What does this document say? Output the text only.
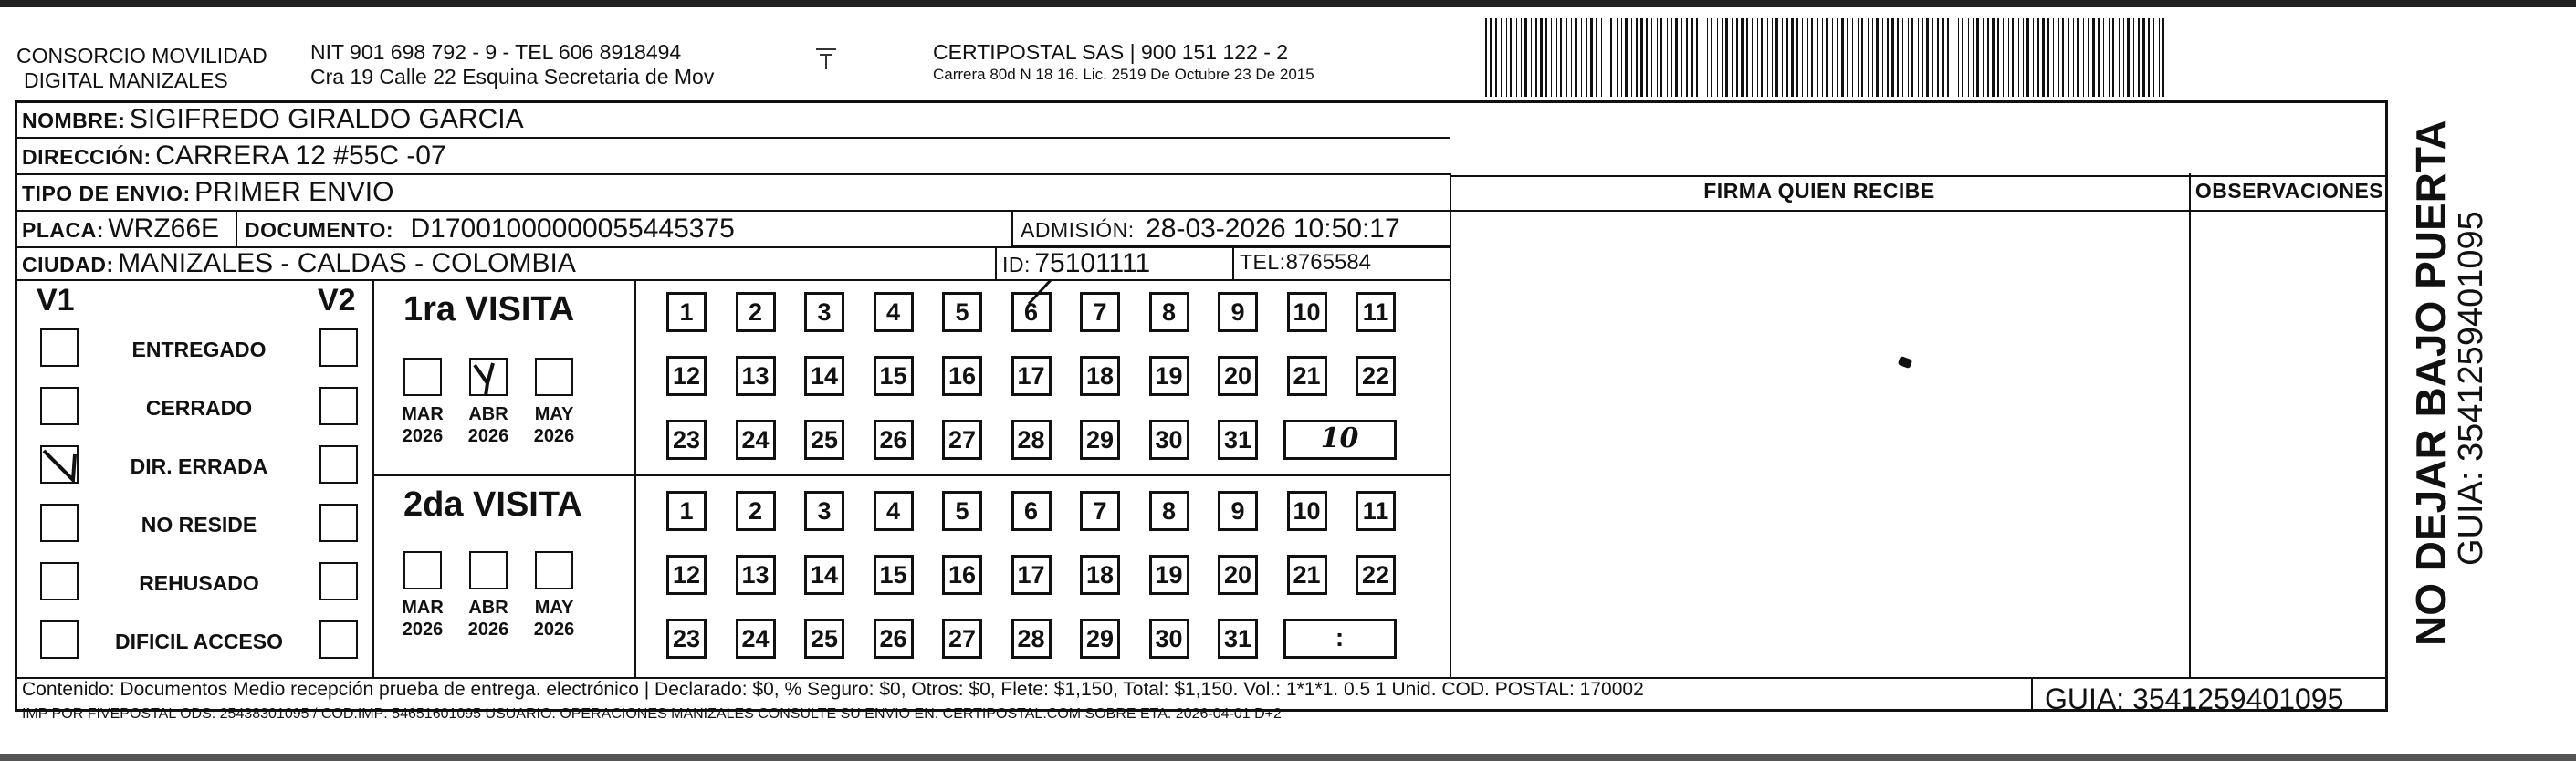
CONSORCIO MOVILIDAD
DIGITAL MANIZALES
NIT 901 698 792 - 9 - TEL 606 8918494
Cra 19 Calle 22 Esquina Secretaria de Mov
CERTIPOSTAL SAS | 900 151 122 - 2
Carrera 80d N 18 16. Lic. 2519 De Octubre 23 De 2015
NOMBRE: SIGIFREDO GIRALDO GARCIA
DIRECCIÓN: CARRERA 12 #55C -07
TIPO DE ENVIO: PRIMER ENVIO
PLACA: WRZ66E DOCUMENTO: D17001000000055445375	ADMISIÓN: 28-03-2026 10:50:17
CIUDAD: MANIZALES - CALDAS - COLOMBIA	ID: 75101111	TEL:8765584
FIRMA QUIEN RECIBE	OBSERVACIONES
V1	V2
ENTREGADO
CERRADO
DIR. ERRADA
NO RESIDE
REHUSADO
DIFICIL ACCESO
1ra VISITA
2da VISITA
MAR
2026
ABR
2026
MAY
2026
MAR
2026
ABR
2026
MAY
2026
1	2	3	4	5	6	7	8	9	10 11
12 13 14 15 16 17 18 19 20 21 22
23 24 25 26 27 28 29 30 31	10
1	2	3	4	5	6	7	8	9	10 11
12 13 14 15 16 17 18 19 20 21 22
23 24 25 26 27 28 29 30 31	:
Contenido: Documentos Medio recepción prueba de entrega. electrónico | Declarado: $0, % Seguro: $0, Otros: $0, Flete: $1,150, Total: $1,150. Vol.: 1*1*1. 0.5 1 Unid. COD. POSTAL: 170002
IMP POR FIVEPOSTAL ODS: 25438301095 / COD.IMP: 54651601095 USUARIO: OPERACIONES MANIZALES CONSULTE SU ENVIO EN: CERTIPOSTAL.COM SOBRE ETA. 2026-04-01 D+2	GUIA: 3541259401095
NO DEJAR BAJO PUERTA
GUIA: 3541259401095
